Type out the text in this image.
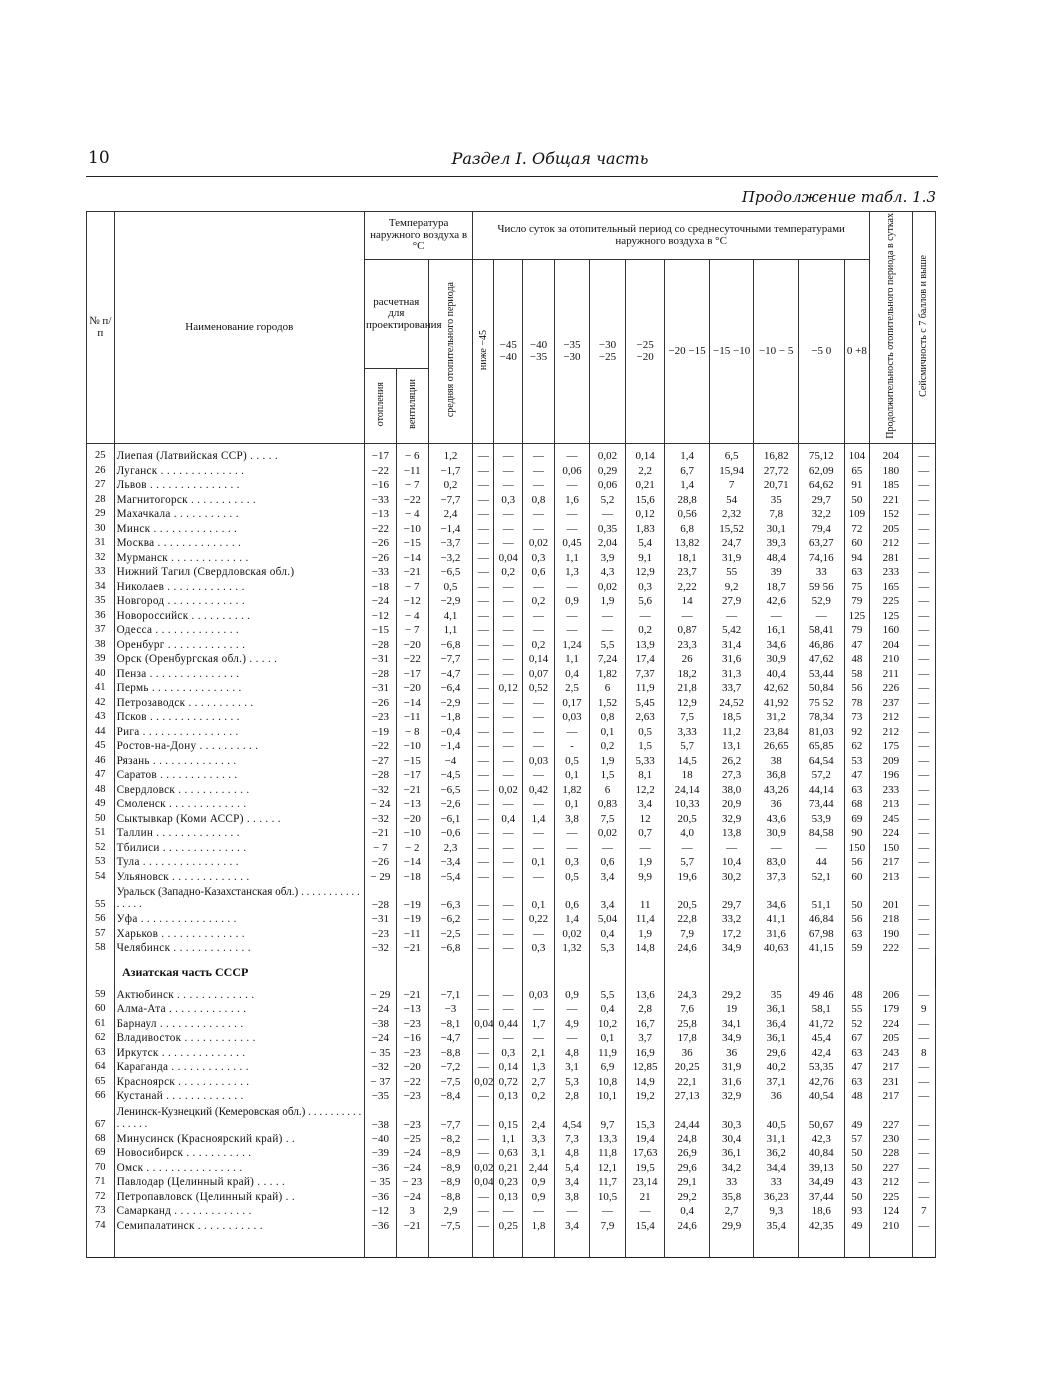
10	Раздел I. Общая часть
Продолжение табл. 1.3
№ п/п	Наименование городов	Температура наружного воздуха в °С			Число суток за отопительный период со среднесуточными температурами наружного воздуха в °С											Продолжительность отопительного периода в сутках	Сейсмичность с 7 баллов и выше
		расчетная для проектирования		средняя отопительного периода	ниже −45	−45 −40	−40 −35	−35 −30	−30 −25	−25 −20	−20 −15	−15 −10	−10 − 5	−5 0	0 +8		
		отопления	вентиляции														
25	Лиепая (Латвийская ССР) . . . . .	−17	− 6	1,2	—	—	—	—	0,02	0,14	1,4	6,5	16,82	75,12	104	204	—
26	Луганск . . . . . . . . . . . . . .	−22	−11	−1,7	—	—	—	0,06	0,29	2,2	6,7	15,94	27,72	62,09	65	180	—
27	Львов . . . . . . . . . . . . . . .	−16	− 7	0,2	—	—	—	—	0,06	0,21	1,4	7	20,71	64,62	91	185	—
28	Магнитогорск . . . . . . . . . . .	−33	−22	−7,7	—	0,3	0,8	1,6	5,2	15,6	28,8	54	35	29,7	50	221	—
29	Махачкала . . . . . . . . . . .	−13	− 4	2,4	—	—	—	—	—	0,12	0,56	2,32	7,8	32,2	109	152	—
30	Минск . . . . . . . . . . . . . .	−22	−10	−1,4	—	—	—	—	0,35	1,83	6,8	15,52	30,1	79,4	72	205	—
31	Москва . . . . . . . . . . . . . .	−26	−15	−3,7	—	—	0,02	0,45	2,04	5,4	13,82	24,7	39,3	63,27	60	212	—
32	Мурманск . . . . . . . . . . . . .	−26	−14	−3,2	—	0,04	0,3	1,1	3,9	9,1	18,1	31,9	48,4	74,16	94	281	—
33	Нижний Тагил (Свердловская обл.)	−33	−21	−6,5	—	0,2	0,6	1,3	4,3	12,9	23,7	55	39	33	63	233	—
34	Николаев . . . . . . . . . . . . .	−18	− 7	0,5	—	—	—	—	0,02	0,3	2,22	9,2	18,7	59 56	75	165	—
35	Новгород . . . . . . . . . . . . .	−24	−12	−2,9	—	—	0,2	0,9	1,9	5,6	14	27,9	42,6	52,9	79	225	—
36	Новороссийск . . . . . . . . . .	−12	− 4	4,1	—	—	—	—	—	—	—	—	—	—	125	125	—
37	Одесса . . . . . . . . . . . . . .	−15	− 7	1,1	—	—	—	—	—	0,2	0,87	5,42	16,1	58,41	79	160	—
38	Оренбург . . . . . . . . . . . . .	−28	−20	−6,8	—	—	0,2	1,24	5,5	13,9	23,3	31,4	34,6	46,86	47	204	—
39	Орск (Оренбургская обл.) . . . . .	−31	−22	−7,7	—	—	0,14	1,1	7,24	17,4	26	31,6	30,9	47,62	48	210	—
40	Пенза . . . . . . . . . . . . . . .	−28	−17	−4,7	—	—	0,07	0,4	1,82	7,37	18,2	31,3	40,4	53,44	58	211	—
41	Пермь . . . . . . . . . . . . . . .	−31	−20	−6,4	—	0,12	0,52	2,5	6	11,9	21,8	33,7	42,62	50,84	56	226	—
42	Петрозаводск . . . . . . . . . . .	−26	−14	−2,9	—	—	—	0,17	1,52	5,45	12,9	24,52	41,92	75 52	78	237	—
43	Псков . . . . . . . . . . . . . . .	−23	−11	−1,8	—	—	—	0,03	0,8	2,63	7,5	18,5	31,2	78,34	73	212	—
44	Рига . . . . . . . . . . . . . . . .	−19	− 8	−0,4	—	—	—	—	0,1	0,5	3,33	11,2	23,84	81,03	92	212	—
45	Ростов-на-Дону . . . . . . . . . .	−22	−10	−1,4	—	—	—	-	0,2	1,5	5,7	13,1	26,65	65,85	62	175	—
46	Рязань . . . . . . . . . . . . . .	−27	−15	−4	—	—	0,03	0,5	1,9	5,33	14,5	26,2	38	64,54	53	209	—
47	Саратов . . . . . . . . . . . . .	−28	−17	−4,5	—	—	—	0,1	1,5	8,1	18	27,3	36,8	57,2	47	196	—
48	Свердловск . . . . . . . . . . . .	−32	−21	−6,5	—	0,02	0,42	1,82	6	12,2	24,14	38,0	43,26	44,14	63	233	—
49	Смоленск . . . . . . . . . . . . .	− 24	−13	−2,6	—	—	—	0,1	0,83	3,4	10,33	20,9	36	73,44	68	213	—
50	Сыктывкар (Коми АССР) . . . . . .	−32	−20	−6,1	—	0,4	1,4	3,8	7,5	12	20,5	32,9	43,6	53,9	69	245	—
51	Таллин . . . . . . . . . . . . . .	−21	−10	−0,6	—	—	—	—	0,02	0,7	4,0	13,8	30,9	84,58	90	224	—
52	Тбилиси . . . . . . . . . . . . . .	− 7	− 2	2,3	—	—	—	—	—	—	—	—	—	—	150	150	—
53	Тула . . . . . . . . . . . . . . . .	−26	−14	−3,4	—	—	0,1	0,3	0,6	1,9	5,7	10,4	83,0	44	56	217	—
54	Ульяновск . . . . . . . . . . . . .	− 29	−18	−5,4	—	—	—	0,5	3,4	9,9	19,6	30,2	37,3	52,1	60	213	—
55	Уральск (Западно-Казахстанская обл.) . . . . . . . . . . . . . . . .	−28	−19	−6,3	—	—	0,1	0,6	3,4	11	20,5	29,7	34,6	51,1	50	201	—
56	Уфа . . . . . . . . . . . . . . . .	−31	−19	−6,2	—	—	0,22	1,4	5,04	11,4	22,8	33,2	41,1	46,84	56	218	—
57	Харьков . . . . . . . . . . . . . .	−23	−11	−2,5	—	—	—	0,02	0,4	1,9	7,9	17,2	31,6	67,98	63	190	—
58	Челябинск . . . . . . . . . . . . .	−32	−21	−6,8	—	—	0,3	1,32	5,3	14,8	24,6	34,9	40,63	41,15	59	222	—
Азиатская часть СССР																	
59	Актюбинск . . . . . . . . . . . . .	− 29	−21	−7,1	—	—	0,03	0,9	5,5	13,6	24,3	29,2	35	49 46	48	206	—
60	Алма-Ата . . . . . . . . . . . . .	−24	−13	−3	—	—	—	—	0,4	2,8	7,6	19	36,1	58,1	55	179	9
61	Барнаул . . . . . . . . . . . . . .	−38	−23	−8,1	0,04	0,44	1,7	4,9	10,2	16,7	25,8	34,1	36,4	41,72	52	224	—
62	Владивосток . . . . . . . . . . . .	−24	−16	−4,7	—	—	—	—	0,1	3,7	17,8	34,9	36,1	45,4	67	205	—
63	Иркутск . . . . . . . . . . . . . .	− 35	−23	−8,8	—	0,3	2,1	4,8	11,9	16,9	36	36	29,6	42,4	63	243	8
64	Караганда . . . . . . . . . . . . .	−32	−20	−7,2	—	0,14	1,3	3,1	6,9	12,85	20,25	31,9	40,2	53,35	47	217	—
65	Красноярск . . . . . . . . . . . .	− 37	−22	−7,5	0,02	0,72	2,7	5,3	10,8	14,9	22,1	31,6	37,1	42,76	63	231	—
66	Кустанай . . . . . . . . . . . . .	−35	−23	−8,4	—	0,13	0,2	2,8	10,1	19,2	27,13	32,9	36	40,54	48	217	—
67	Ленинск-Кузнецкий (Кемеровская обл.) . . . . . . . . . . . . . . . .	−38	−23	−7,7	—	0,15	2,4	4,54	9,7	15,3	24,44	30,3	40,5	50,67	49	227	—
68	Минусинск (Красноярский край) . .	−40	−25	−8,2	—	1,1	3,3	7,3	13,3	19,4	24,8	30,4	31,1	42,3	57	230	—
69	Новосибирск . . . . . . . . . . .	−39	−24	−8,9	—	0,63	3,1	4,8	11,8	17,63	26,9	36,1	36,2	40,84	50	228	—
70	Омск . . . . . . . . . . . . . . . .	−36	−24	−8,9	0,02	0,21	2,44	5,4	12,1	19,5	29,6	34,2	34,4	39,13	50	227	—
71	Павлодар (Целинный край) . . . . .	− 35	− 23	−8,9	0,04	0,23	0,9	3,4	11,7	23,14	29,1	33	33	34,49	43	212	—
72	Петропавловск (Целинный край) . .	−36	−24	−8,8	—	0,13	0,9	3,8	10,5	21	29,2	35,8	36,23	37,44	50	225	—
73	Самарканд . . . . . . . . . . . . .	−12	3	2,9	—	—	—	—	—	—	0,4	2,7	9,3	18,6	93	124	7
74	Семипалатинск . . . . . . . . . . .	−36	−21	−7,5	—	0,25	1,8	3,4	7,9	15,4	24,6	29,9	35,4	42,35	49	210	—
